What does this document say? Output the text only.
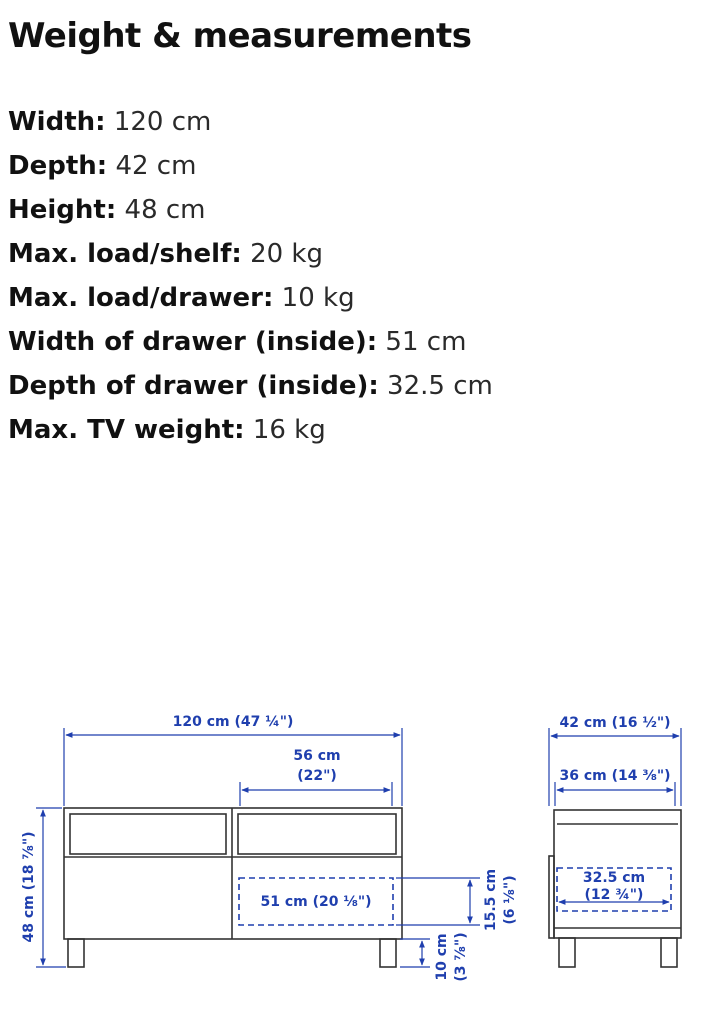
Weight & measurements
Width: 120 cm
Depth: 42 cm
Height: 48 cm
Max. load/shelf: 20 kg
Max. load/drawer: 10 kg
Width of drawer (inside): 51 cm
Depth of drawer (inside): 32.5 cm
Max. TV weight: 16 kg
120 cm (47 ¼")
56 cm
(22")
51 cm (20 ⅛")
48 cm (18 ⅞")	15.5 cm (6 ⅛")
10 cm (3 ⅞")
42 cm (16 ½")
36 cm (14 ⅜")
32.5 cm
(12 ¾")
